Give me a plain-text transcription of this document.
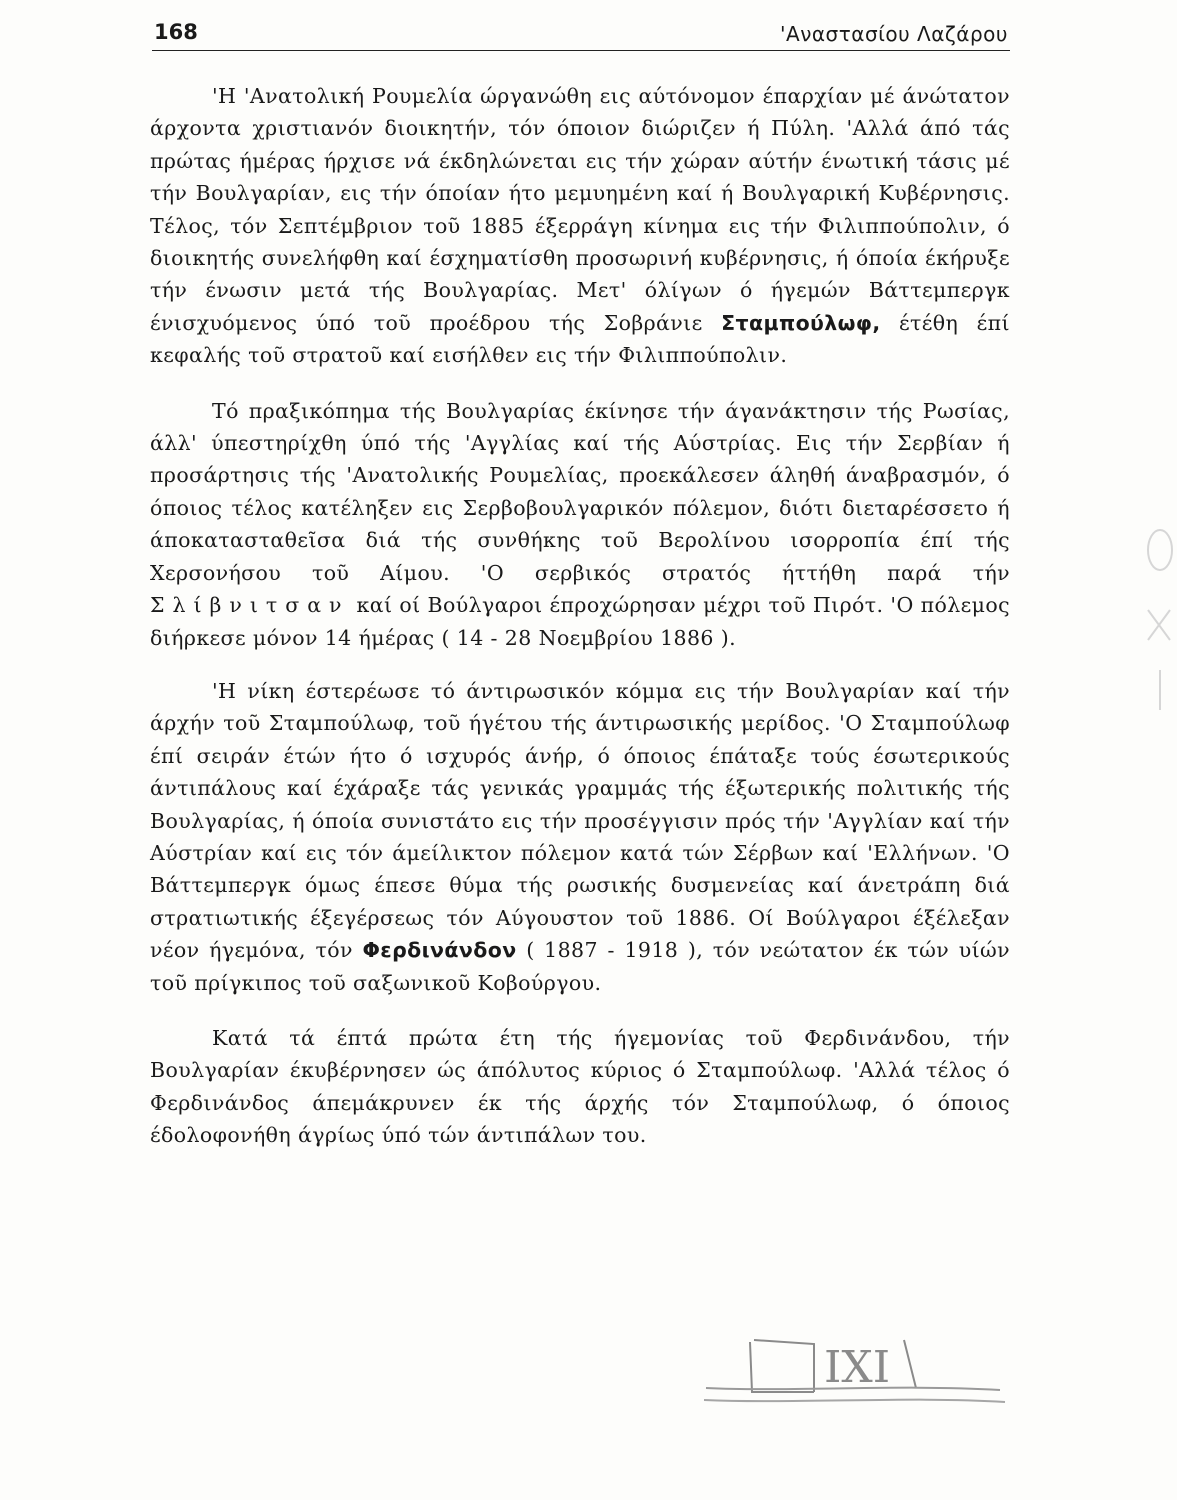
168	'Αναστασίου Λαζάρου

'Η 'Ανατολική Ρουμελία ώργανώθη εις αύτόνομον έπαρχίαν μέ άνώτατον άρχοντα χριστιανόν διοικητήν, τόν όποιον διώριζεν ή Πύλη. 'Αλλά άπό τάς πρώτας ήμέρας ήρχισε νά έκδηλώνεται εις τήν χώραν αύτήν ένωτική τάσις μέ τήν Βουλγαρίαν, εις τήν όποίαν ήτο μεμυημένη καί ή Βουλγαρική Κυβέρνησις. Τέλος, τόν Σεπτέμβριον τοῦ 1885 έξερράγη κίνημα εις τήν Φιλιππούπολιν, ό διοικητής συνελήφθη καί έσχηματίσθη προσωρινή κυβέρνησις, ή όποία έκήρυξε τήν ένωσιν μετά τής Βουλγαρίας. Μετ' όλίγων ό ήγεμών Βάττεμπεργκ ένισχυόμενος ύπό τοῦ προέδρου τής Σοβράνιε Σταμπούλωφ, έτέθη έπί κεφαλής τοῦ στρατοῦ καί εισήλθεν εις τήν Φιλιππούπολιν.

Τό πραξικόπημα τής Βουλγαρίας έκίνησε τήν άγανάκτησιν τής Ρωσίας, άλλ' ύπεστηρίχθη ύπό τής 'Αγγλίας καί τής Αύστρίας. Εις τήν Σερβίαν ή προσάρτησις τής 'Ανατολικής Ρουμελίας, προεκάλεσεν άληθή άναβρασμόν, ό όποιος τέλος κατέληξεν εις Σερβοβουλγαρικόν πόλεμον, διότι διεταρέσσετο ή άποκατασταθεῖσα διά τής συνθήκης τοῦ Βερολίνου ισορροπία έπί τής Χερσονήσου τοῦ Αίμου. 'Ο σερβικός στρατός ήττήθη παρά τήν Σλίβνιτσαν καί οί Βούλγαροι έπροχώρησαν μέχρι τοῦ Πιρότ. 'Ο πόλεμος διήρκεσε μόνον 14 ήμέρας ( 14 - 28 Νοεμβρίου 1886 ).

'Η νίκη έστερέωσε τό άντιρωσικόν κόμμα εις τήν Βουλγαρίαν καί τήν άρχήν τοῦ Σταμπούλωφ, τοῦ ήγέτου τής άντιρωσικής μερίδος. 'Ο Σταμπούλωφ έπί σειράν έτών ήτο ό ισχυρός άνήρ, ό όποιος έπάταξε τούς έσωτερικούς άντιπάλους καί έχάραξε τάς γενικάς γραμμάς τής έξωτερικής πολιτικής τής Βουλγαρίας, ή όποία συνιστάτο εις τήν προσέγγισιν πρός τήν 'Αγγλίαν καί τήν Αύστρίαν καί εις τόν άμείλικτον πόλεμον κατά τών Σέρβων καί 'Ελλήνων. 'Ο Βάττεμπεργκ όμως έπεσε θύμα τής ρωσικής δυσμενείας καί άνετράπη διά στρατιωτικής έξεγέρσεως τόν Αύγουστον τοῦ 1886. Οί Βούλγαροι έξέλεξαν νέον ήγεμόνα, τόν Φερδινάνδον ( 1887 - 1918 ), τόν νεώτατον έκ τών υίών τοῦ πρίγκιπος τοῦ σαξωνικοῦ Κοβούργου.

Κατά τά έπτά πρώτα έτη τής ήγεμονίας τοῦ Φερδινάνδου, τήν Βουλγαρίαν έκυβέρνησεν ώς άπόλυτος κύριος ό Σταμπούλωφ. 'Αλλά τέλος ό Φερδινάνδος άπεμάκρυνεν έκ τής άρχής τόν Σταμπούλωφ, ό όποιος έδολοφονήθη άγρίως ύπό τών άντιπάλων του.

ΙΧΙ
